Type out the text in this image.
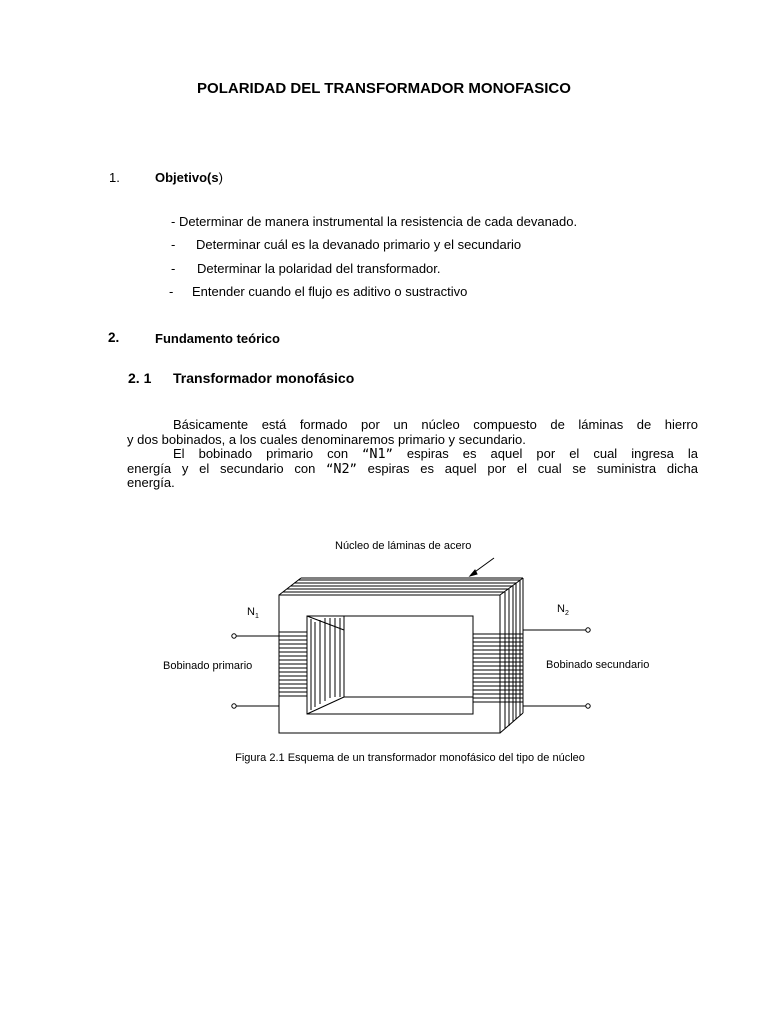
POLARIDAD DEL TRANSFORMADOR MONOFASICO
1.	Objetivo(s)
- Determinar de manera instrumental la resistencia de cada devanado.
- Determinar cuál es la devanado primario y el secundario
- Determinar la polaridad del transformador.
- Entender cuando el flujo es aditivo o sustractivo
2.	Fundamento teórico
2. 1 Transformador monofásico
Básicamente está formado por un núcleo compuesto de láminas de hierro
y dos bobinados, a los cuales denominaremos primario y secundario.
El bobinado primario con “N1” espiras es aquel por el cual ingresa la
energía y el secundario con “N2” espiras es aquel por el cual se suministra dicha
energía.
Núcleo de láminas de acero
$N_1$
$N_2$
Bobinado primario	Bobinado secundario
Figura 2.1 Esquema de un transformador monofásico del tipo de núcleo
